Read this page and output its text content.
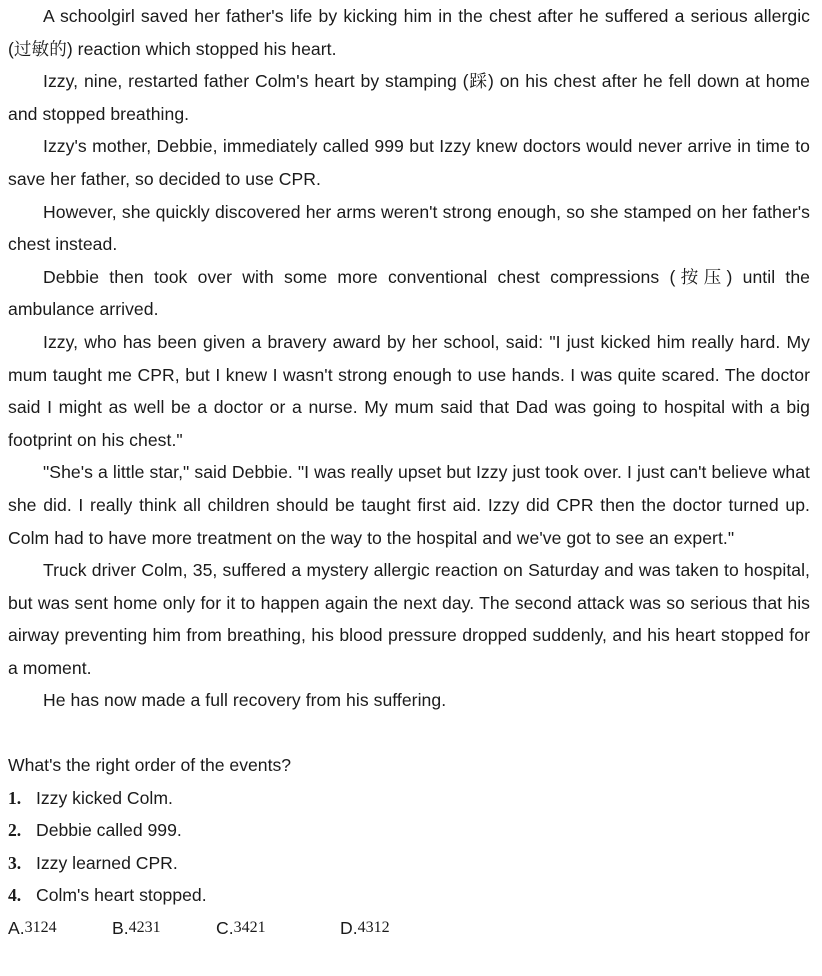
A schoolgirl saved her father's life by kicking him in the chest after he suffered a serious allergic (过敏的) reaction which stopped his heart.

Izzy, nine, restarted father Colm's heart by stamping (踩) on his chest after he fell down at home and stopped breathing.

Izzy's mother, Debbie, immediately called 999 but Izzy knew doctors would never arrive in time to save her father, so decided to use CPR.

However, she quickly discovered her arms weren't strong enough, so she stamped on her father's chest instead.

Debbie then took over with some more conventional chest compressions (按压) until the ambulance arrived.

Izzy, who has been given a bravery award by her school, said: "I just kicked him really hard. My mum taught me CPR, but I knew I wasn't strong enough to use hands. I was quite scared. The doctor said I might as well be a doctor or a nurse. My mum said that Dad was going to hospital with a big footprint on his chest."

"She's a little star," said Debbie. "I was really upset but Izzy just took over. I just can't believe what she did. I really think all children should be taught first aid. Izzy did CPR then the doctor turned up. Colm had to have more treatment on the way to the hospital and we've got to see an expert."

Truck driver Colm, 35, suffered a mystery allergic reaction on Saturday and was taken to hospital, but was sent home only for it to happen again the next day. The second attack was so serious that his airway preventing him from breathing, his blood pressure dropped suddenly, and his heart stopped for a moment.

He has now made a full recovery from his suffering.

What's the right order of the events?

1. Izzy kicked Colm.
2. Debbie called 999.
3. Izzy learned CPR.
4. Colm's heart stopped.
A. 3124	B. 4231	C. 3421	D. 4312
